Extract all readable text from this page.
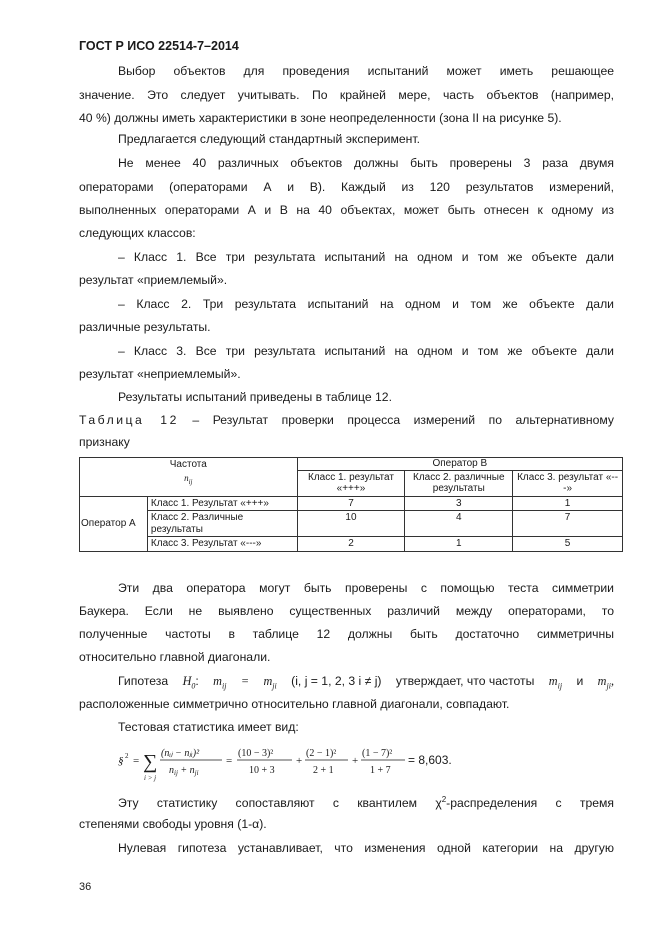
ГОСТ Р ИСО 22514-7–2014
Выбор объектов для проведения испытаний может иметь решающее
значение. Это следует учитывать. По крайней мере, часть объектов (например,
40 %) должны иметь характеристики в зоне неопределенности (зона II на рисунке 5).
Предлагается следующий стандартный эксперимент.
Не менее 40 различных объектов должны быть проверены 3 раза двумя
операторами (операторами А и В). Каждый из 120 результатов измерений,
выполненных операторами А и В на 40 объектах, может быть отнесен к одному из
следующих классов:
– Класс 1. Все три результата испытаний на одном и том же объекте дали
результат «приемлемый».
– Класс 2. Три результата испытаний на одном и том же объекте дали
различные результаты.
– Класс 3. Все три результата испытаний на одном и том же объекте дали
результат «неприемлемый».
Результаты испытаний приведены в таблице 12.
Таблица 12 – Результат проверки процесса измерений по альтернативному
признаку
Частота
$n_{ij}$		Оператор В		
		Класс 1. результат «+++»	Класс 2. различные результаты	Класс 3. результат «---»
Оператор А	Класс 1. Результат «+++»	7	3	1
	Класс 2. Различные результаты	10	4	7
	Класс 3. Результат «---»	2	1	5
Эти два оператора могут быть проверены с помощью теста симметрии
Баукера. Если не выявлено существенных различий между операторами, то
полученные частоты в таблице 12 должны быть достаточно симметричны
относительно главной диагонали.
Гипотеза $H_0$: $m_{ij} = m_{ji}$ (i, j = 1, 2, 3 i ≠ j) утверждает, что частоты $m_{ij}$ и $m_{ji}$,
расположенные симметрично относительно главной диагонали, совпадают.
Тестовая статистика имеет вид:
§ 2 = ∑
i > j
(nᵢⱼ − nⱼᵢ)²
$n_{ij} + n_{ji}$
=
(10 − 3)²
10 + 3
+
(2 − 1)²
2 + 1
+
(1 − 7)²
1 + 7
= 8,603.
Эту статистику сопоставляют с квантилем $\chi^2$-распределения с тремя
степенями свободы уровня (1-α).
Нулевая гипотеза устанавливает, что изменения одной категории на другую
36
